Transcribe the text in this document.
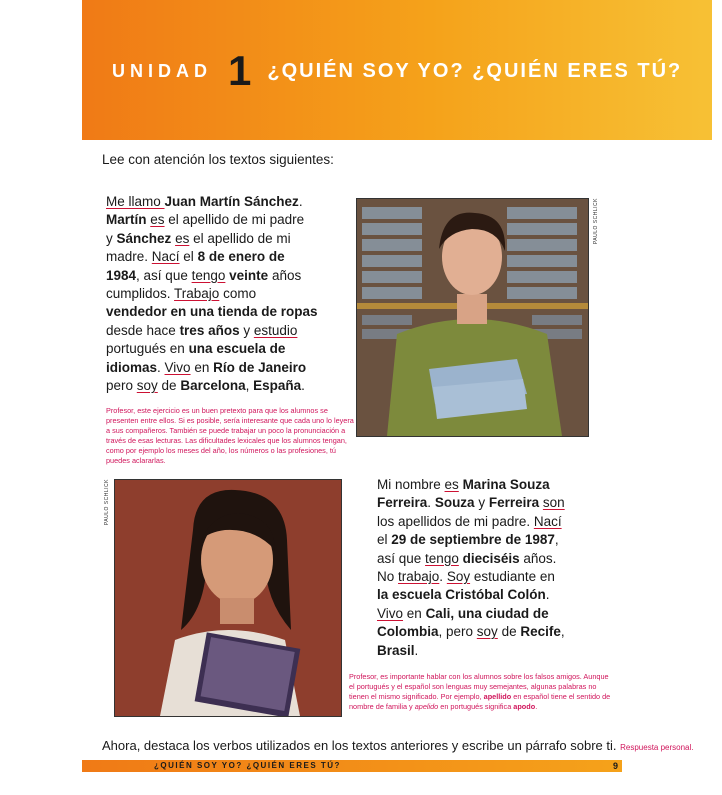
UNIDAD 1 ¿QUIÉN SOY YO? ¿QUIÉN ERES TÚ?
Lee con atención los textos siguientes:
Me llamo Juan Martín Sánchez.
Martín es el apellido de mi padre
y Sánchez es el apellido de mi
madre. Nací el 8 de enero de
1984, así que tengo veinte años
cumplidos. Trabajo como
vendedor en una tienda de ropas
desde hace tres años y estudio
portugués en una escuela de
idiomas. Vivo en Río de Janeiro
pero soy de Barcelona, España.
PAULO SCHLICK
Profesor, este ejercicio es un buen pretexto para que los alumnos se presenten entre ellos. Si es posible, sería interesante que cada uno lo leyera a sus compañeros. También se puede trabajar un poco la pronunciación a través de esas lecturas. Las dificultades lexicales que los alumnos tengan, como por ejemplo los meses del año, los números o las profesiones, tú puedes aclararlas.
PAULO SCHLICK	Mi nombre es Marina Souza
Ferreira. Souza y Ferreira son
los apellidos de mi padre. Nací
el 29 de septiembre de 1987,
así que tengo dieciséis años.
No trabajo. Soy estudiante en
la escuela Cristóbal Colón.
Vivo en Cali, una ciudad de
Colombia, pero soy de Recife,
Brasil.
Profesor, es importante hablar con los alumnos sobre los falsos amigos. Aunque el portugués y el español son lenguas muy semejantes, algunas palabras no tienen el mismo significado. Por ejemplo, apellido en español tiene el sentido de nombre de familia y apelido en portugués significa apodo.
Ahora, destaca los verbos utilizados en los textos anteriores y escribe un párrafo sobre ti. Respuesta personal.
¿QUIÉN SOY YO? ¿QUIÉN ERES TÚ?	9
